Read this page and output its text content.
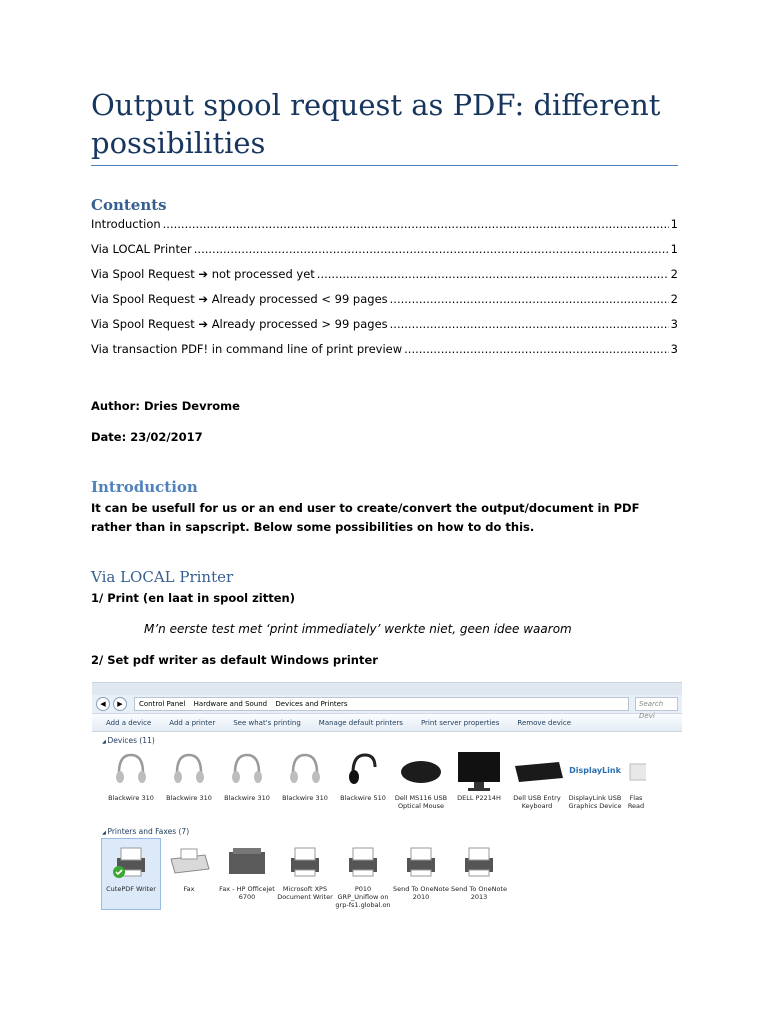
Output spool request as PDF: different possibilities
Contents
Introduction .....	1
Via LOCAL Printer .....	1
Via Spool Request ➔ not processed yet .....	2
Via Spool Request ➔ Already processed < 99 pages .....	2
Via Spool Request ➔ Already processed > 99 pages .....	3
Via transaction PDF! in command line of print preview .....	3
Author: Dries Devrome
Date: 23/02/2017
Introduction
It can be usefull for us or an end user to create/convert the output/document in PDF rather than in sapscript. Below some possibilities on how to do this.
Via LOCAL Printer
1/ Print (en laat in spool zitten)
M’n eerste test met ‘print immediately’ werkte niet, geen idee waarom
2/ Set pdf writer as default Windows printer
◀	▶	Control Panel Hardware and Sound Devices and Printers	Search Devi
Add a device	Add a printer	See what's printing	Manage default printers	Print server properties	Remove device
◢ Devices (11)
Blackwire 310	Blackwire 310	Blackwire 310	Blackwire 310	Blackwire 510	Dell MS116 USB Optical Mouse
DELL P2214H	Dell USB Entry Keyboard
DisplayLink
DisplayLink USB Graphics Device
Flas Read
◢ Printers and Faxes (7)
CutePDF Writer	Fax	Fax - HP Officejet 6700
Microsoft XPS Document Writer
P010 GRP_Uniflow on grp-fs1.global.on
Send To OneNote 2010
Send To OneNote 2013
